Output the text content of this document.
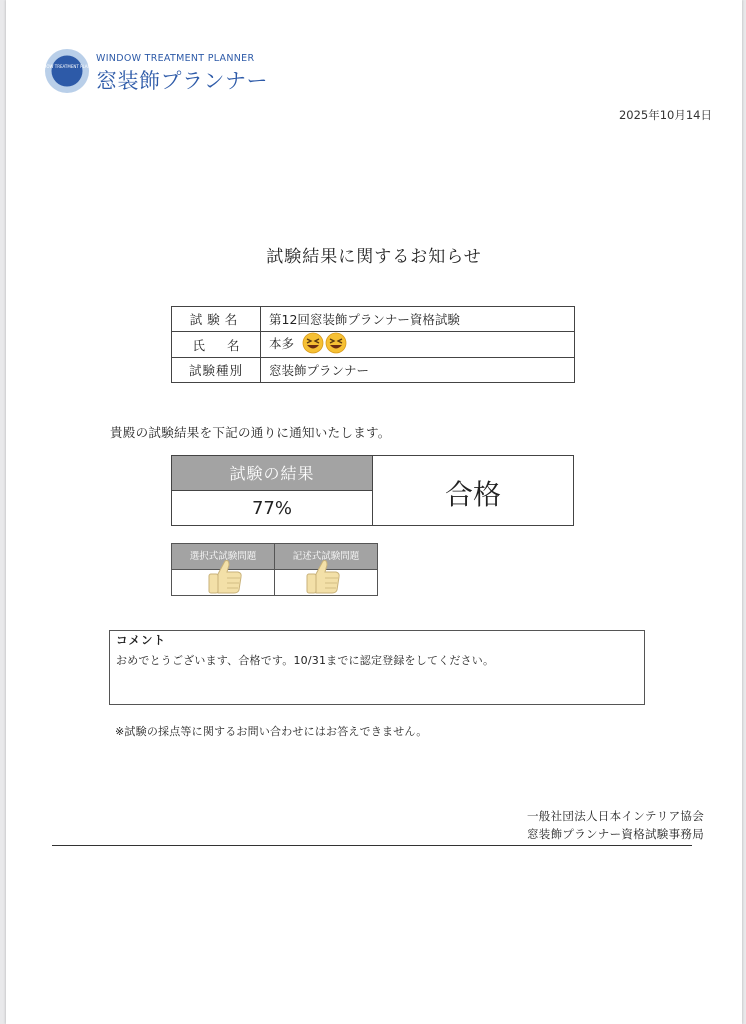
WINDOW TREATMENT PLANNER
WINDOW TREATMENT PLANNER
窓装飾プランナー
2025年10月14日
試験結果に関するお知らせ
試験名	第12回窓装飾プランナー資格試験
氏名	本多
試験種別	窓装飾プランナー
貴殿の試験結果を下記の通りに通知いたします。
試験の結果
77%	合格
選択式試験問題	記述式試験問題
コメント
おめでとうございます、合格です。10/31までに認定登録をしてください。
※試験の採点等に関するお問い合わせにはお答えできません。
一般社団法人日本インテリア協会
窓装飾プランナー資格試験事務局
